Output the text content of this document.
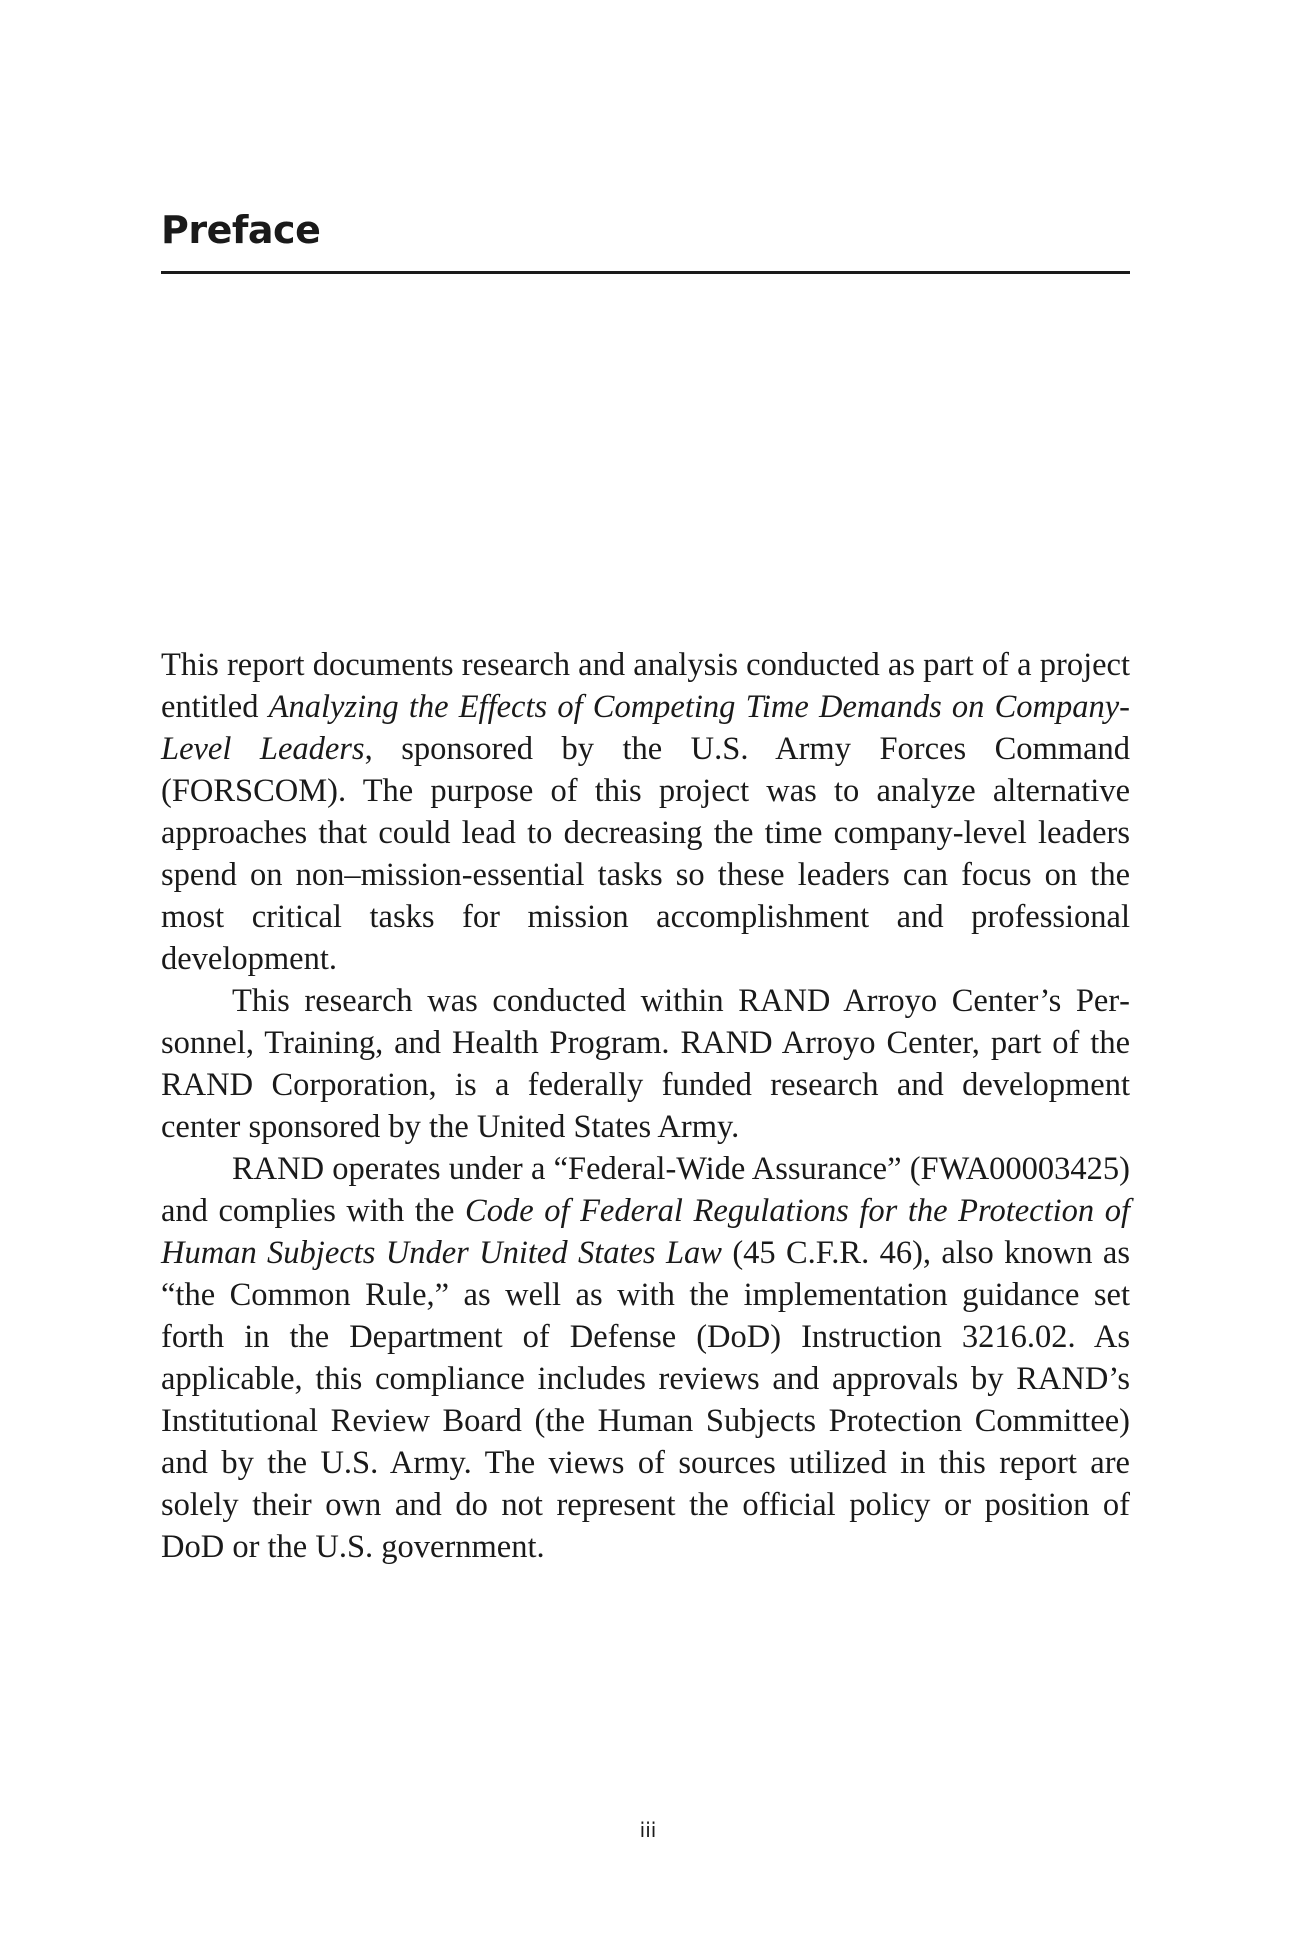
Preface

This report documents research and analysis conducted as part of a project entitled Analyzing the Effects of Competing Time Demands on Company-Level Leaders, sponsored by the U.S. Army Forces Command (FORSCOM). The purpose of this project was to analyze alternative approaches that could lead to decreasing the time company-level leaders spend on non–mission-essential tasks so these leaders can focus on the most critical tasks for mission accomplishment and professional development.

This research was conducted within RAND Arroyo Center’s Personnel, Training, and Health Program. RAND Arroyo Center, part of the RAND Corporation, is a federally funded research and development center sponsored by the United States Army.

RAND operates under a “Federal-Wide Assurance” (FWA00003425) and complies with the Code of Federal Regulations for the Protection of Human Subjects Under United States Law (45 C.F.R. 46), also known as “the Common Rule,” as well as with the implementation guidance set forth in the Department of Defense (DoD) Instruction 3216.02. As applicable, this compliance includes reviews and approvals by RAND’s Institutional Review Board (the Human Subjects Protection Committee) and by the U.S. Army. The views of sources utilized in this report are solely their own and do not represent the official policy or position of DoD or the U.S. government.

iii
